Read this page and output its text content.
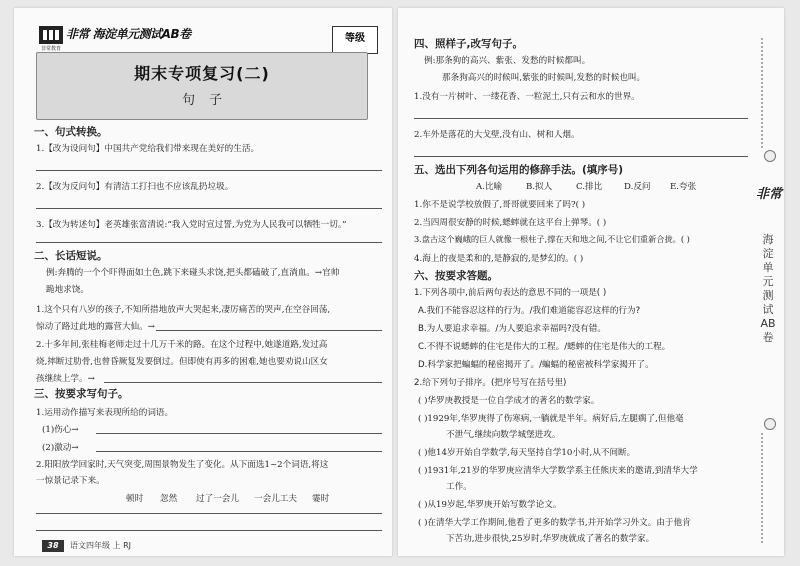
非常教育
非常 海淀单元测试AB卷	等级
期末专项复习(二)
句子
一、句式转换。
1.【改为设问句】中国共产党给我们带来现在美好的生活。
2.【改为反问句】有清洁工打扫也不应该乱扔垃圾。
3.【改为转述句】老英雄张富清说:“我入党时宣过誓,为党为人民我可以牺牲一切。”
二、长话短说。
例:奔腾的一个个吓得面如土色,跳下来碰头求饶,把头都磕破了,直淌血。→官帅
跪地求饶。
1.这个只有八岁的孩子,不知所措地放声大哭起来,凄厉痛苦的哭声,在空谷回荡,
惊动了路过此地的露营大仙。→
2.十多年间,张桂梅老师走过十几万千米的路。在这个过程中,她遂道路,发过高
烧,摔断过肋骨,也曾昏厥复发要倒过。但即使有再多的困难,她也要劝说山区女
孩继续上学。→
三、按要求写句子。
1.运用动作描写来表现所给的词语。
(1)伤心→
(2)激动→
2.阳阳放学回家时,天气突变,周围景物发生了变化。从下面选1~2个词语,将这
一惊景记录下来。
顿时 忽然 过了一会儿 一会儿工夫 霎时
38	语文四年级 上 RJ
四、照样子,改写句子。
例:那条狗的高兴、紫张、发愁的时候都叫。
那条狗高兴的时候叫,紫张的时候叫,发愁的时候也叫。
1.没有一片树叶、一缕花香、一粒泥土,只有云和水的世界。
2.车外是落花的大戈壁,没有山、树和人烟。
五、选出下列各句运用的修辞手法。(填序号)
A.比喻	B.拟人	C.排比	D.反问 E.夸张
1.你不是说学校放假了,哥哥就要回来了吗?( )
2.当四周很安静的时候,蟋蟀就在这平台上弹琴。( )
3.盘古这个巍峨的巨人就像一根柱子,撑在天和地之间,不让它们重新合拢。( )
4.海上的夜是柔和的,是静寂的,是梦幻的。( )
六、按要求答题。
1.下列各项中,前后两句表达的意思不同的一项是( )
A.我们不能容忍这样的行为。/我们难道能容忍这样的行为?
B.为人要追求幸福。/为人要追求幸福吗?没有错。
C.不得不说蟋蟀的住宅是伟大的工程。/蟋蟀的住宅是伟大的工程。
D.科学家把蝙蝠的秘密揭开了。/蝙蝠的秘密被科学家揭开了。
2.给下列句子排序。(把序号写在括号里)
( )华罗庚教授是一位自学成才的著名的数学家。
( )1929年,华罗庚得了伤寒病,一躺就是半年。病好后,左腿瘸了,但他毫
不泄气,继续向数学城堡进攻。
( )他14岁开始自学数学,每天坚持自学10小时,从不间断。
( )1931年,21岁的华罗庚应清华大学数学系主任熊庆来的邀请,到清华大学
工作。
( )从19岁起,华罗庚开始写数学论文。
( )在清华大学工作期间,他看了更多的数学书,并开始学习外文。由于他肯
下苦功,进步很快,25岁时,华罗庚就成了著名的数学家。
非常
海淀单元测试AB卷
